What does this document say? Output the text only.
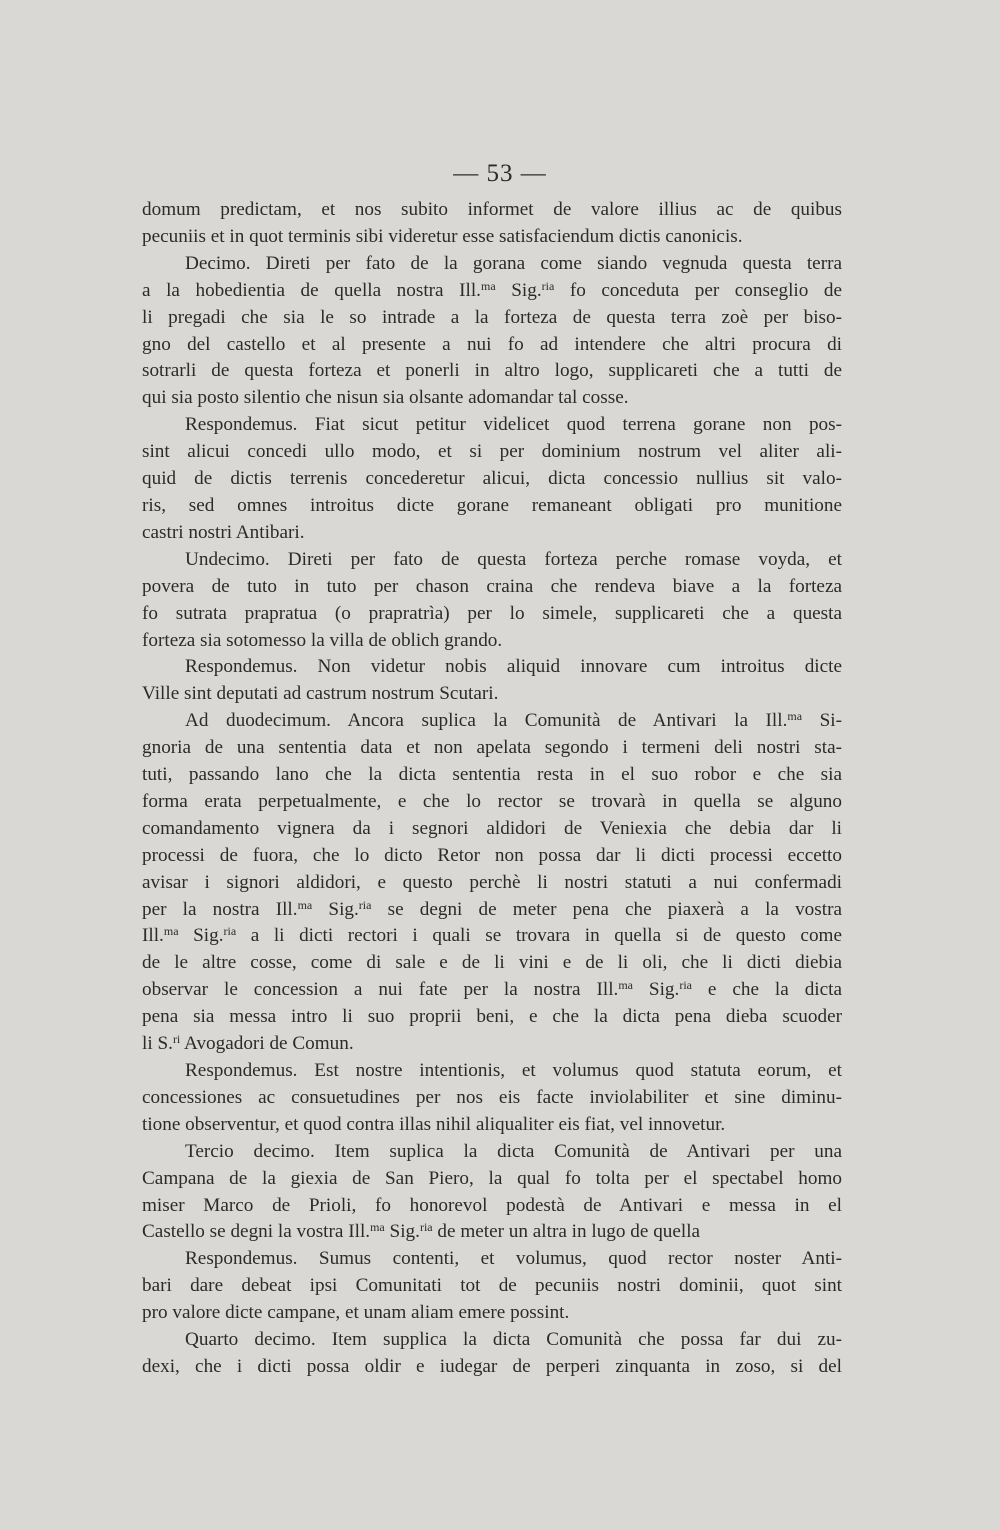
— 53 —
domum predictam, et nos subito informet de valore illius ac de quibus
pecuniis et in quot terminis sibi videretur esse satisfaciendum dictis canonicis.
Decimo. Direti per fato de la gorana come siando vegnuda questa terra
a la hobedientia de quella nostra Ill.$^{ma}$ Sig.$^{ria}$ fo conceduta per conseglio de
li pregadi che sia le so intrade a la forteza de questa terra zoè per biso-
gno del castello et al presente a nui fo ad intendere che altri procura di
sotrarli de questa forteza et ponerli in altro logo, supplicareti che a tutti de
qui sia posto silentio che nisun sia olsante adomandar tal cosse.
Respondemus. Fiat sicut petitur videlicet quod terrena gorane non pos-
sint alicui concedi ullo modo, et si per dominium nostrum vel aliter ali-
quid de dictis terrenis concederetur alicui, dicta concessio nullius sit valo-
ris, sed omnes introitus dicte gorane remaneant obligati pro munitione
castri nostri Antibari.
Undecimo. Direti per fato de questa forteza perche romase voyda, et
povera de tuto in tuto per chason craina che rendeva biave a la forteza
fo sutrata prapratua (o prapratrìa) per lo simele, supplicareti che a questa
forteza sia sotomesso la villa de oblich grando.
Respondemus. Non videtur nobis aliquid innovare cum introitus dicte
Ville sint deputati ad castrum nostrum Scutari.
Ad duodecimum. Ancora suplica la Comunità de Antivari la Ill.$^{ma}$ Si-
gnoria de una sententia data et non apelata segondo i termeni deli nostri sta-
tuti, passando lano che la dicta sententia resta in el suo robor e che sia
forma erata perpetualmente, e che lo rector se trovarà in quella se alguno
comandamento vignera da i segnori aldidori de Veniexia che debia dar li
processi de fuora, che lo dicto Retor non possa dar li dicti processi eccetto
avisar i signori aldidori, e questo perchè li nostri statuti a nui confermadi
per la nostra Ill.$^{ma}$ Sig.$^{ria}$ se degni de meter pena che piaxerà a la vostra
Ill.$^{ma}$ Sig.$^{ria}$ a li dicti rectori i quali se trovara in quella si de questo come
de le altre cosse, come di sale e de li vini e de li oli, che li dicti diebia
observar le concession a nui fate per la nostra Ill.$^{ma}$ Sig.$^{ria}$ e che la dicta
pena sia messa intro li suo proprii beni, e che la dicta pena dieba scuoder
li S.$^{ri}$ Avogadori de Comun.
Respondemus. Est nostre intentionis, et volumus quod statuta eorum, et
concessiones ac consuetudines per nos eis facte inviolabiliter et sine diminu-
tione observentur, et quod contra illas nihil aliqualiter eis fiat, vel innovetur.
Tercio decimo. Item suplica la dicta Comunità de Antivari per una
Campana de la giexia de San Piero, la qual fo tolta per el spectabel homo
miser Marco de Prioli, fo honorevol podestà de Antivari e messa in el
Castello se degni la vostra Ill.$^{ma}$ Sig.$^{ria}$ de meter un altra in lugo de quella
Respondemus. Sumus contenti, et volumus, quod rector noster Anti-
bari dare debeat ipsi Comunitati tot de pecuniis nostri dominii, quot sint
pro valore dicte campane, et unam aliam emere possint.
Quarto decimo. Item supplica la dicta Comunità che possa far dui zu-
dexi, che i dicti possa oldir e iudegar de perperi zinquanta in zoso, si del
